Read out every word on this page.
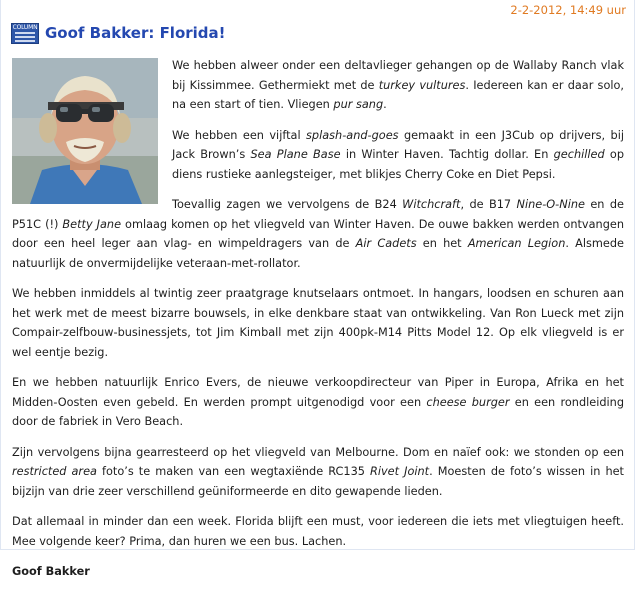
2-2-2012, 14:49 uur
COLUMN Goof Bakker: Florida!

We hebben alweer onder een deltavlieger gehangen op de Wallaby Ranch vlak bij Kissimmee. Gethermiekt met de turkey vultures. Iedereen kan er daar solo, na een start of tien. Vliegen pur sang.

We hebben een vijftal splash-and-goes gemaakt in een J3Cub op drijvers, bij Jack Brown’s Sea Plane Base in Winter Haven. Tachtig dollar. En gechilled op diens rustieke aanlegsteiger, met blikjes Cherry Coke en Diet Pepsi.

Toevallig zagen we vervolgens de B24 Witchcraft, de B17 Nine-O-Nine en de P51C (!) Betty Jane omlaag komen op het vliegveld van Winter Haven. De ouwe bakken werden ontvangen door een heel leger aan vlag- en wimpeldragers van de Air Cadets en het American Legion. Alsmede natuurlijk de onvermijdelijke veteraan-met-rollator.

We hebben inmiddels al twintig zeer praatgrage knutselaars ontmoet. In hangars, loodsen en schuren aan het werk met de meest bizarre bouwsels, in elke denkbare staat van ontwikkeling. Van Ron Lueck met zijn Compair-zelfbouw-businessjets, tot Jim Kimball met zijn 400pk-M14 Pitts Model 12. Op elk vliegveld is er wel eentje bezig.

En we hebben natuurlijk Enrico Evers, de nieuwe verkoopdirecteur van Piper in Europa, Afrika en het Midden-Oosten even gebeld. En werden prompt uitgenodigd voor een cheese burger en een rondleiding door de fabriek in Vero Beach.

Zijn vervolgens bijna gearresteerd op het vliegveld van Melbourne. Dom en naïef ook: we stonden op een restricted area foto’s te maken van een wegtaxiënde RC135 Rivet Joint. Moesten de foto’s wissen in het bijzijn van drie zeer verschillend geüniformeerde en dito gewapende lieden.

Dat allemaal in minder dan een week. Florida blijft een must, voor iedereen die iets met vliegtuigen heeft. Mee volgende keer? Prima, dan huren we een bus. Lachen.

Goof Bakker
